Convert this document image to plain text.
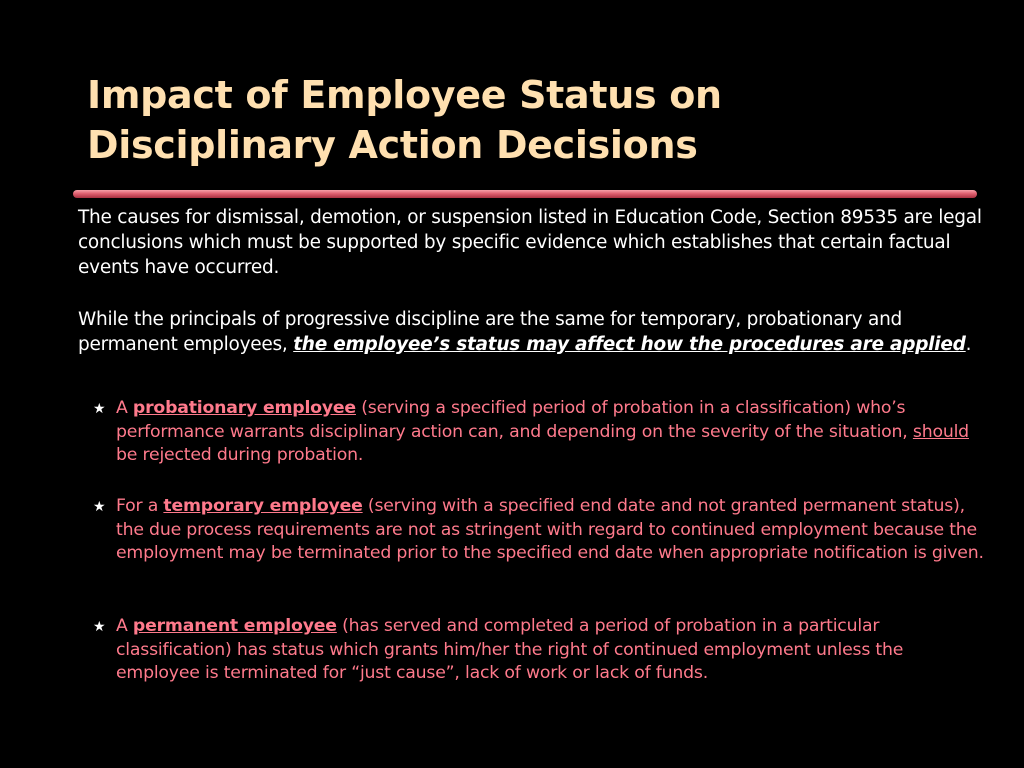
Impact of Employee Status on
Disciplinary Action Decisions

The causes for dismissal, demotion, or suspension listed in Education Code, Section 89535 are legal conclusions which must be supported by specific evidence which establishes that certain factual events have occurred.

While the principals of progressive discipline are the same for temporary, probationary and permanent employees, the employee’s status may affect how the procedures are applied.

★ A probationary employee (serving a specified period of probation in a classification) who’s performance warrants disciplinary action can, and depending on the severity of the situation, should be rejected during probation.

★ For a temporary employee (serving with a specified end date and not granted permanent status), the due process requirements are not as stringent with regard to continued employment because the employment may be terminated prior to the specified end date when appropriate notification is given.

★ A permanent employee (has served and completed a period of probation in a particular classification) has status which grants him/her the right of continued employment unless the employee is terminated for “just cause”, lack of work or lack of funds.
